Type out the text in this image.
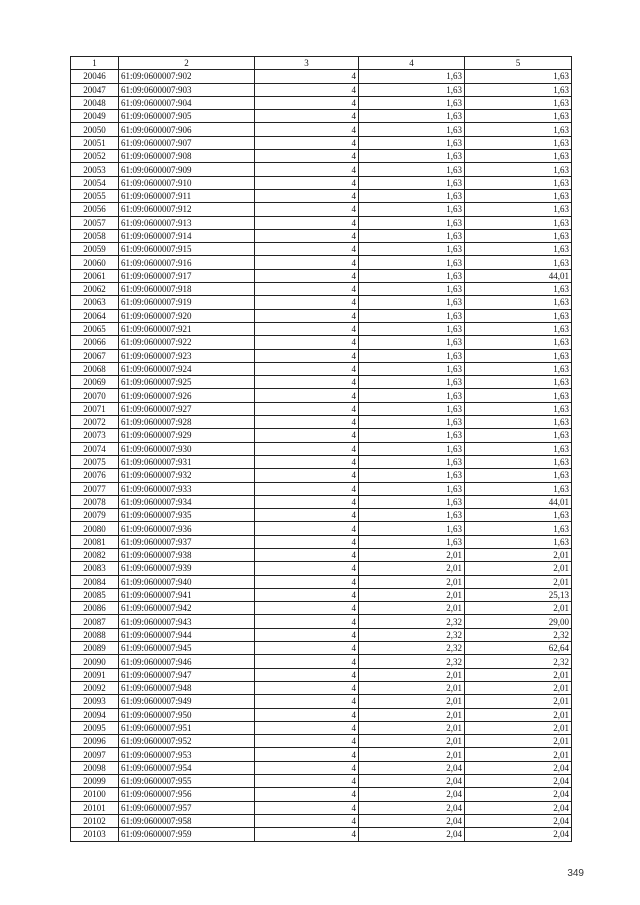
1	2	3	4	5
20046	61:09:0600007:902	4	1,63	1,63
20047	61:09:0600007:903	4	1,63	1,63
20048	61:09:0600007:904	4	1,63	1,63
20049	61:09:0600007:905	4	1,63	1,63
20050	61:09:0600007:906	4	1,63	1,63
20051	61:09:0600007:907	4	1,63	1,63
20052	61:09:0600007:908	4	1,63	1,63
20053	61:09:0600007:909	4	1,63	1,63
20054	61:09:0600007:910	4	1,63	1,63
20055	61:09:0600007:911	4	1,63	1,63
20056	61:09:0600007:912	4	1,63	1,63
20057	61:09:0600007:913	4	1,63	1,63
20058	61:09:0600007:914	4	1,63	1,63
20059	61:09:0600007:915	4	1,63	1,63
20060	61:09:0600007:916	4	1,63	1,63
20061	61:09:0600007:917	4	1,63	44,01
20062	61:09:0600007:918	4	1,63	1,63
20063	61:09:0600007:919	4	1,63	1,63
20064	61:09:0600007:920	4	1,63	1,63
20065	61:09:0600007:921	4	1,63	1,63
20066	61:09:0600007:922	4	1,63	1,63
20067	61:09:0600007:923	4	1,63	1,63
20068	61:09:0600007:924	4	1,63	1,63
20069	61:09:0600007:925	4	1,63	1,63
20070	61:09:0600007:926	4	1,63	1,63
20071	61:09:0600007:927	4	1,63	1,63
20072	61:09:0600007:928	4	1,63	1,63
20073	61:09:0600007:929	4	1,63	1,63
20074	61:09:0600007:930	4	1,63	1,63
20075	61:09:0600007:931	4	1,63	1,63
20076	61:09:0600007:932	4	1,63	1,63
20077	61:09:0600007:933	4	1,63	1,63
20078	61:09:0600007:934	4	1,63	44,01
20079	61:09:0600007:935	4	1,63	1,63
20080	61:09:0600007:936	4	1,63	1,63
20081	61:09:0600007:937	4	1,63	1,63
20082	61:09:0600007:938	4	2,01	2,01
20083	61:09:0600007:939	4	2,01	2,01
20084	61:09:0600007:940	4	2,01	2,01
20085	61:09:0600007:941	4	2,01	25,13
20086	61:09:0600007:942	4	2,01	2,01
20087	61:09:0600007:943	4	2,32	29,00
20088	61:09:0600007:944	4	2,32	2,32
20089	61:09:0600007:945	4	2,32	62,64
20090	61:09:0600007:946	4	2,32	2,32
20091	61:09:0600007:947	4	2,01	2,01
20092	61:09:0600007:948	4	2,01	2,01
20093	61:09:0600007:949	4	2,01	2,01
20094	61:09:0600007:950	4	2,01	2,01
20095	61:09:0600007:951	4	2,01	2,01
20096	61:09:0600007:952	4	2,01	2,01
20097	61:09:0600007:953	4	2,01	2,01
20098	61:09:0600007:954	4	2,04	2,04
20099	61:09:0600007:955	4	2,04	2,04
20100	61:09:0600007:956	4	2,04	2,04
20101	61:09:0600007:957	4	2,04	2,04
20102	61:09:0600007:958	4	2,04	2,04
20103	61:09:0600007:959	4	2,04	2,04
349
